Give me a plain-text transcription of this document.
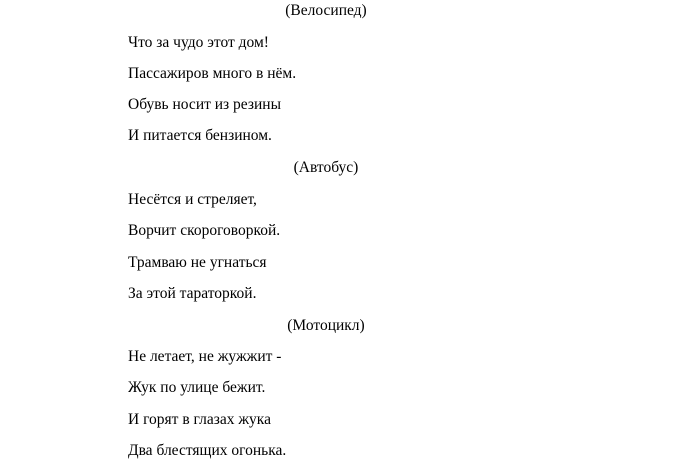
(Велосипед)
Что за чудо этот дом!
Пассажиров много в нём.
Обувь носит из резины
И питается бензином.
(Автобус)
Несётся и стреляет,
Ворчит скороговоркой.
Трамваю не угнаться
За этой тараторкой.
(Мотоцикл)
Не летает, не жужжит -
Жук по улице бежит.
И горят в глазах жука
Два блестящих огонька.
